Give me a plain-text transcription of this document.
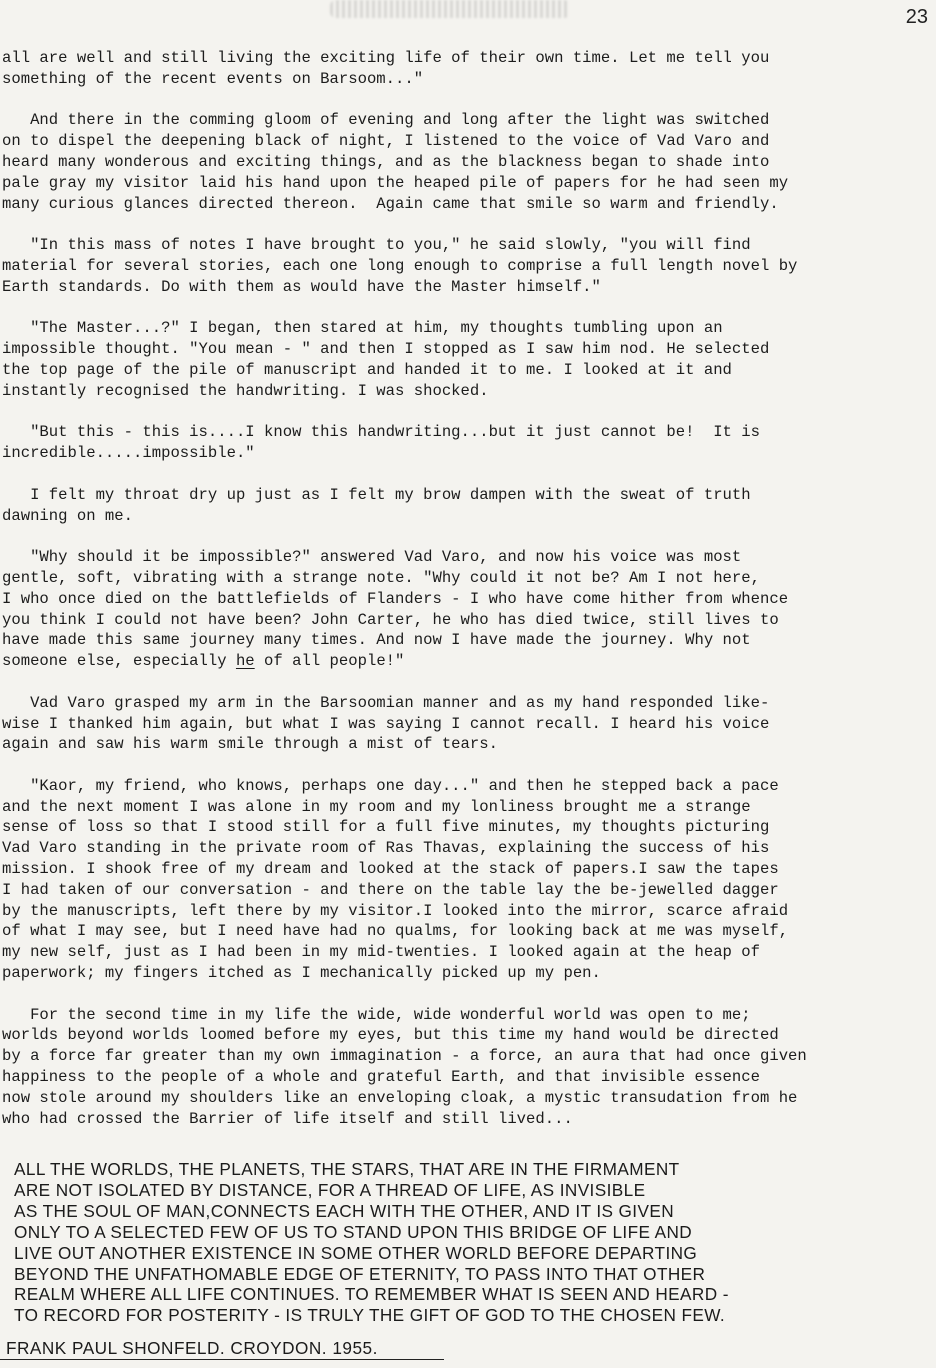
23

all are well and still living the exciting life of their own time. Let me tell you
something of the recent events on Barsoom..."

And there in the comming gloom of evening and long after the light was switched
on to dispel the deepening black of night, I listened to the voice of Vad Varo and
heard many wonderous and exciting things, and as the blackness began to shade into
pale gray my visitor laid his hand upon the heaped pile of papers for he had seen my
many curious glances directed thereon.  Again came that smile so warm and friendly.

"In this mass of notes I have brought to you," he said slowly, "you will find
material for several stories, each one long enough to comprise a full length novel by
Earth standards. Do with them as would have the Master himself."

"The Master...?" I began, then stared at him, my thoughts tumbling upon an
impossible thought. "You mean - " and then I stopped as I saw him nod. He selected
the top page of the pile of manuscript and handed it to me. I looked at it and
instantly recognised the handwriting. I was shocked.

"But this - this is....I know this handwriting...but it just cannot be!  It is
incredible.....impossible."

I felt my throat dry up just as I felt my brow dampen with the sweat of truth
dawning on me.

"Why should it be impossible?" answered Vad Varo, and now his voice was most
gentle, soft, vibrating with a strange note. "Why could it not be? Am I not here,
I who once died on the battlefields of Flanders - I who have come hither from whence
you think I could not have been? John Carter, he who has died twice, still lives to
have made this same journey many times. And now I have made the journey. Why not
someone else, especially he of all people!"

Vad Varo grasped my arm in the Barsoomian manner and as my hand responded like-
wise I thanked him again, but what I was saying I cannot recall. I heard his voice
again and saw his warm smile through a mist of tears.

"Kaor, my friend, who knows, perhaps one day..." and then he stepped back a pace
and the next moment I was alone in my room and my lonliness brought me a strange
sense of loss so that I stood still for a full five minutes, my thoughts picturing
Vad Varo standing in the private room of Ras Thavas, explaining the success of his
mission. I shook free of my dream and looked at the stack of papers.I saw the tapes
I had taken of our conversation - and there on the table lay the be-jewelled dagger
by the manuscripts, left there by my visitor.I looked into the mirror, scarce afraid
of what I may see, but I need have had no qualms, for looking back at me was myself,
my new self, just as I had been in my mid-twenties. I looked again at the heap of
paperwork; my fingers itched as I mechanically picked up my pen.

For the second time in my life the wide, wide wonderful world was open to me;
worlds beyond worlds loomed before my eyes, but this time my hand would be directed
by a force far greater than my own immagination - a force, an aura that had once given
happiness to the people of a whole and grateful Earth, and that invisible essence
now stole around my shoulders like an enveloping cloak, a mystic transudation from he
who had crossed the Barrier of life itself and still lived...

ALL THE WORLDS, THE PLANETS, THE STARS, THAT ARE IN THE FIRMAMENT
ARE NOT ISOLATED BY DISTANCE, FOR A THREAD OF LIFE, AS INVISIBLE
AS THE SOUL OF MAN,CONNECTS EACH WITH THE OTHER, AND IT IS GIVEN
ONLY TO A SELECTED FEW OF US TO STAND UPON THIS BRIDGE OF LIFE AND
LIVE OUT ANOTHER EXISTENCE IN SOME OTHER WORLD BEFORE DEPARTING
BEYOND THE UNFATHOMABLE EDGE OF ETERNITY, TO PASS INTO THAT OTHER
REALM WHERE ALL LIFE CONTINUES. TO REMEMBER WHAT IS SEEN AND HEARD -
TO RECORD FOR POSTERITY - IS TRULY THE GIFT OF GOD TO THE CHOSEN FEW.
FRANK PAUL SHONFELD. CROYDON. 1955.
